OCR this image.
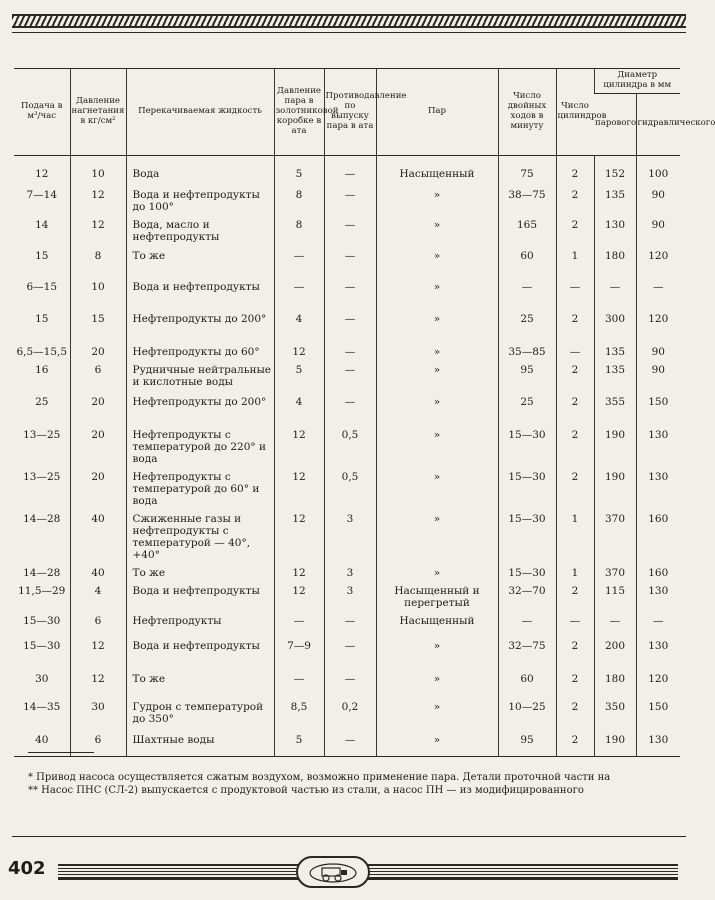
Подача в м³/час	Давление нагнетания в кг/см²	Перекачиваемая жидкость	Давление пара в золотниковой коробке в ата	Противодавление по выпуску пара в ата	Пар	Число двойных ходов в минуту	Число цилиндров	Диаметр цилиндра в мм	
								парового	гидравлического
12	10	Вода	5	—	Насыщенный	75	2	152	100
7—14	12	Вода и нефтепродукты до 100°	8	—	»	38—75	2	135	90
14	12	Вода, масло и нефтепродукты	8	—	»	165	2	130	90
15	8	То же	—	—	»	60	1	180	120
6—15	10	Вода и нефтепродукты	—	—	»	—	—	—	—
15	15	Нефтепродукты до 200°	4	—	»	25	2	300	120
6,5—15,5	20	Нефтепродукты до 60°	12	—	»	35—85	—	135	90
16	6	Рудничные нейтральные и кислотные воды	5	—	»	95	2	135	90
25	20	Нефтепродукты до 200°	4	—	»	25	2	355	150
13—25	20	Нефтепродукты с температурой до 220° и вода	12	0,5	»	15—30	2	190	130
13—25	20	Нефтепродукты с температурой до 60° и вода	12	0,5	»	15—30	2	190	130
14—28	40	Сжиженные газы и нефтепродукты с температурой — 40°, +40°	12	3	»	15—30	1	370	160
14—28	40	То же	12	3	»	15—30	1	370	160
11,5—29	4	Вода и нефтепродукты	12	3	Насыщенный и перегретый	32—70	2	115	130
15—30	6	Нефтепродукты	—	—	Насыщенный	—	—	—	—
15—30	12	Вода и нефтепродукты	7—9	—	»	32—75	2	200	130
30	12	То же	—	—	»	60	2	180	120
14—35	30	Гудрон с температурой до 350°	8,5	0,2	»	10—25	2	350	150
40	6	Шахтные воды	5	—	»	95	2	190	130
* Привод насоса осуществляется сжатым воздухом, возможно применение пара. Детали проточной части на
** Насос ПНС (СЛ-2) выпускается с продуктовой частью из стали, а насос ПН — из модифицированного
402
